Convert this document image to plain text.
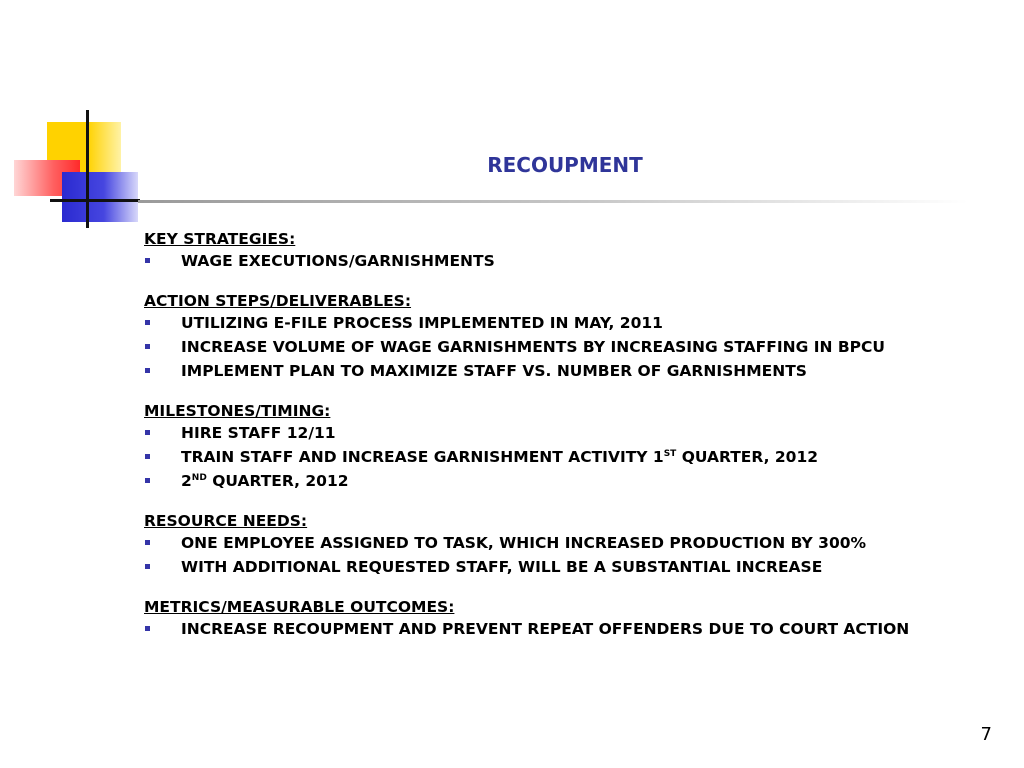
RECOUPMENT
KEY STRATEGIES:
WAGE EXECUTIONS/GARNISHMENTS
ACTION STEPS/DELIVERABLES:
UTILIZING E-FILE PROCESS IMPLEMENTED IN MAY, 2011
INCREASE VOLUME OF WAGE GARNISHMENTS BY INCREASING STAFFING IN BPCU
IMPLEMENT PLAN TO MAXIMIZE STAFF VS. NUMBER OF GARNISHMENTS
MILESTONES/TIMING:
HIRE STAFF 12/11
TRAIN STAFF AND INCREASE GARNISHMENT ACTIVITY 1ST QUARTER, 2012
2ND QUARTER, 2012
RESOURCE NEEDS:
ONE EMPLOYEE ASSIGNED TO TASK, WHICH INCREASED PRODUCTION BY 300%
WITH ADDITIONAL REQUESTED STAFF, WILL BE A SUBSTANTIAL INCREASE
METRICS/MEASURABLE OUTCOMES:
INCREASE RECOUPMENT AND PREVENT REPEAT OFFENDERS DUE TO COURT ACTION
7
